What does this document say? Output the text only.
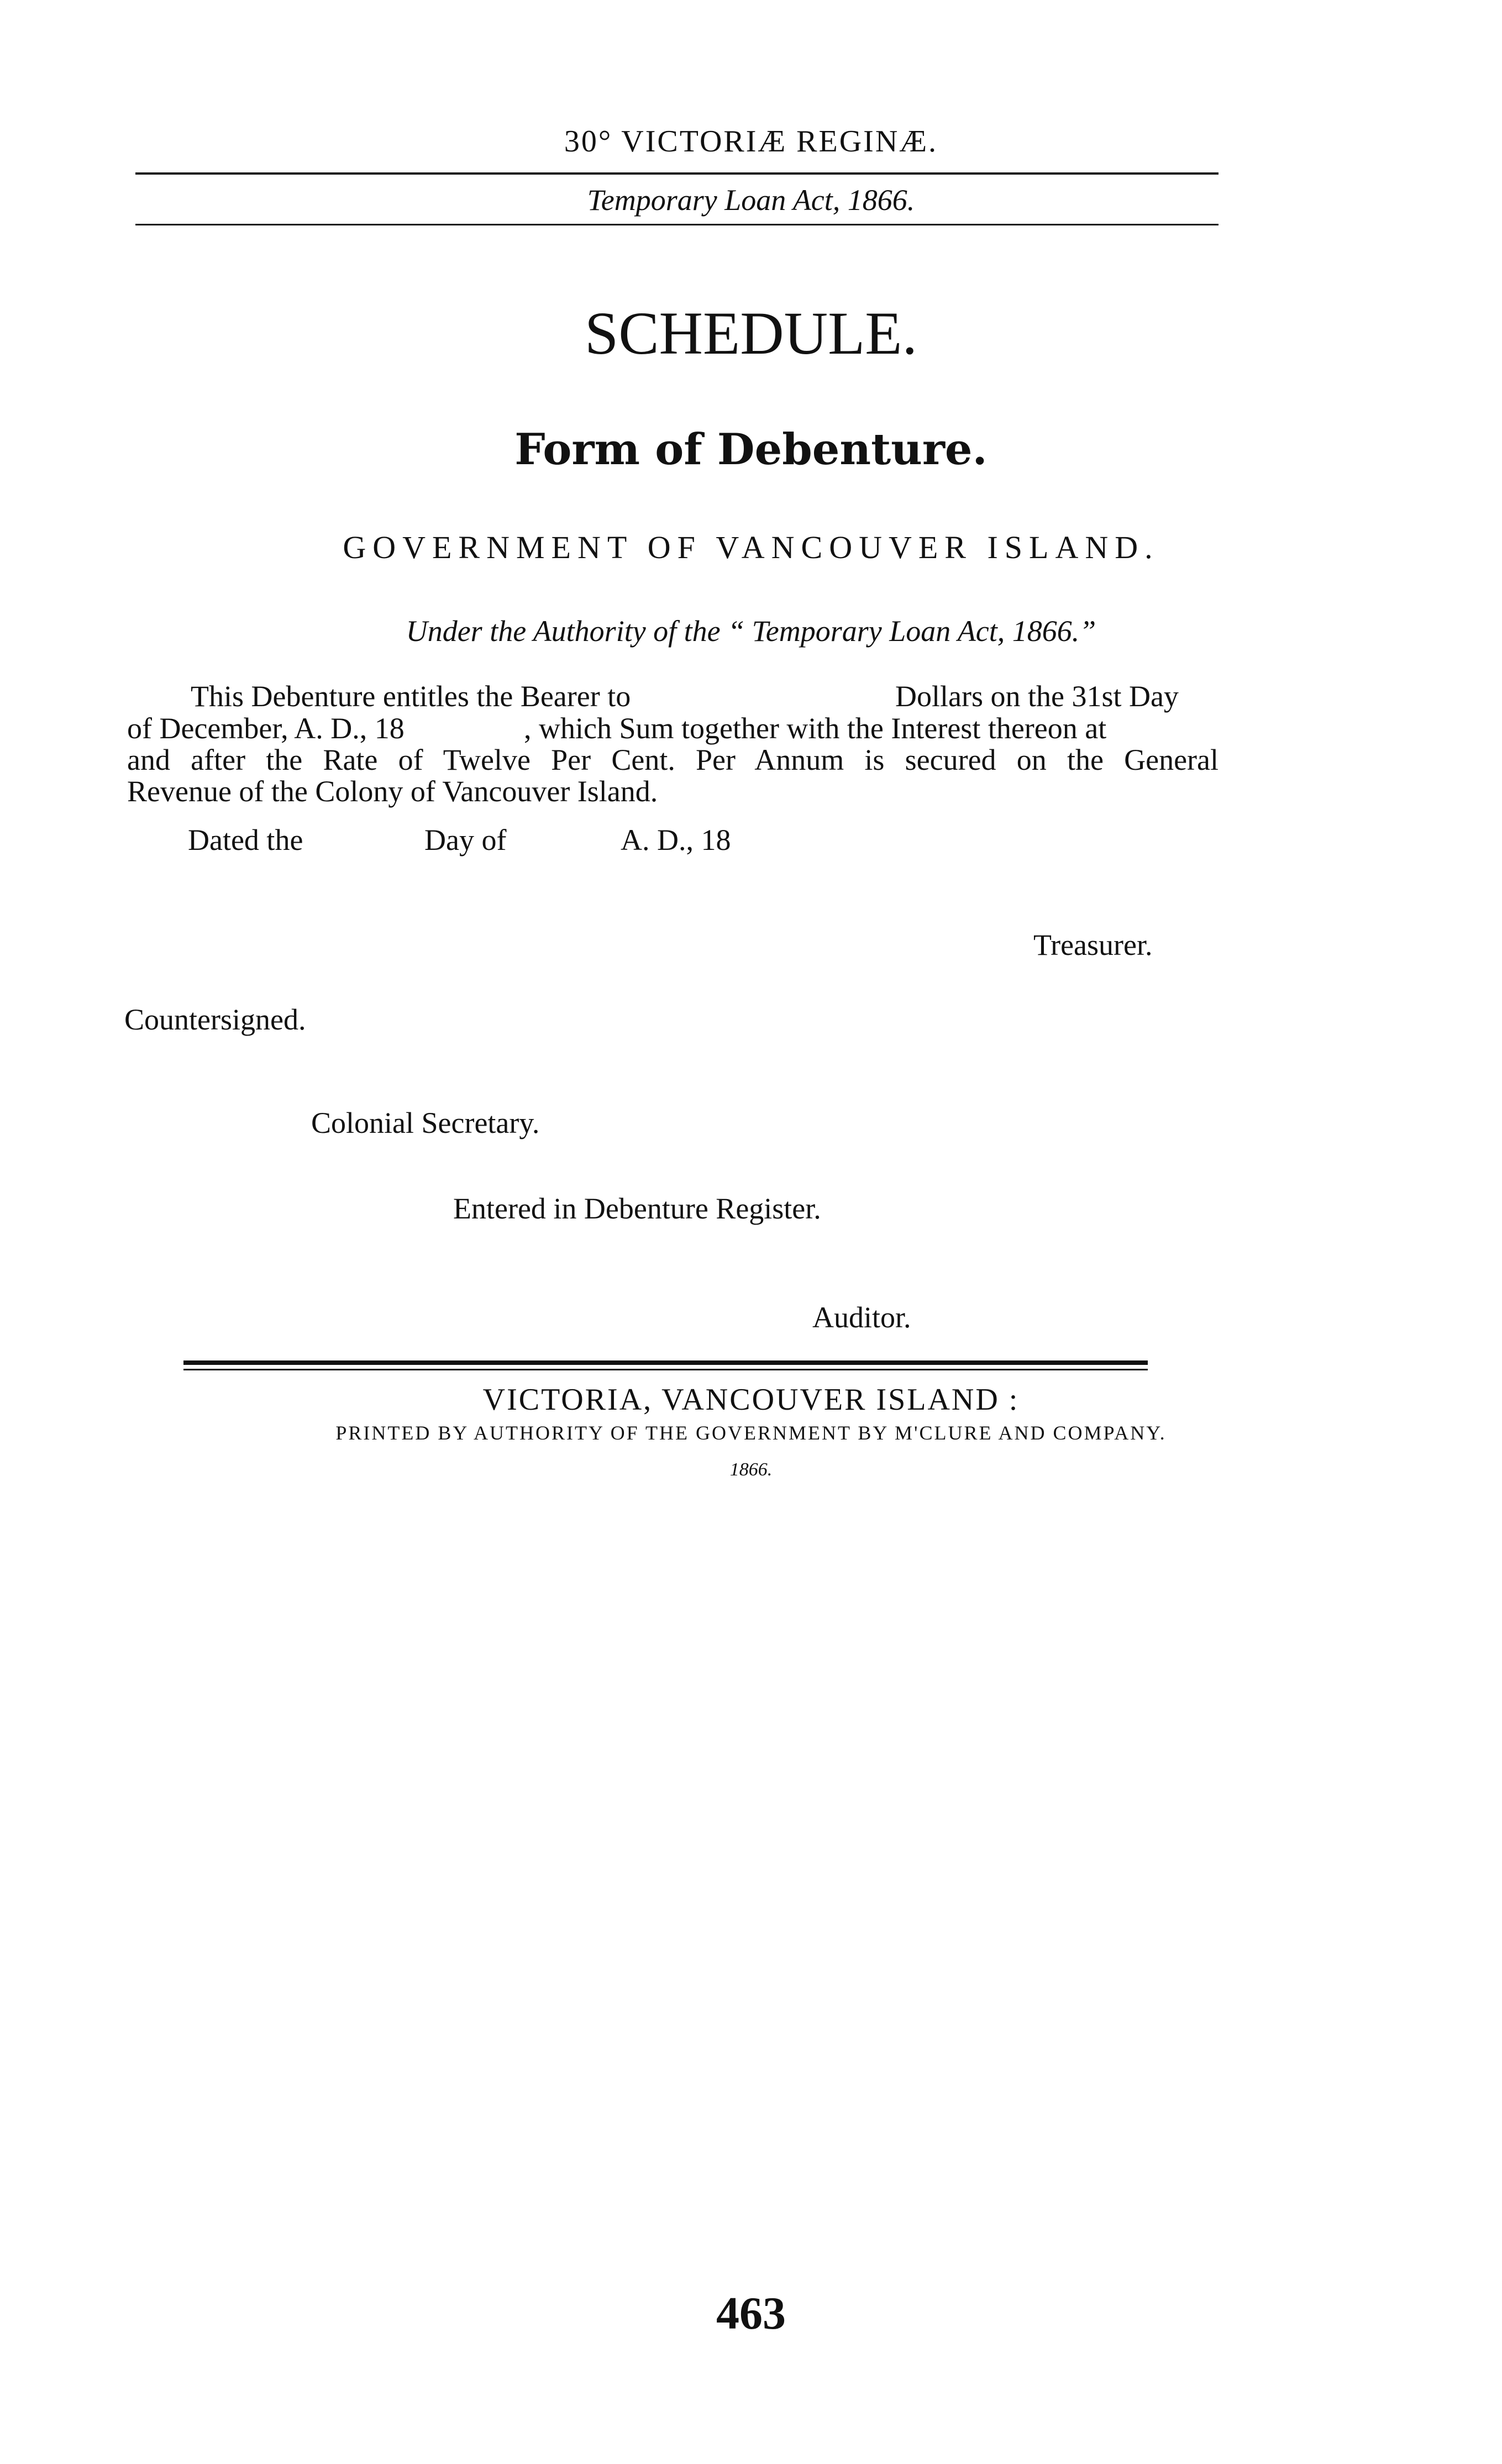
30° VICTORIÆ REGINÆ.
Temporary Loan Act, 1866.
SCHEDULE.
Form of Debenture.
GOVERNMENT OF VANCOUVER ISLAND.
Under the Authority of the “ Temporary Loan Act, 1866.”
This Debenture entitles the Bearer to	Dollars on the 31st Day
of December, A. D., 18	, which Sum together with the Interest thereon at
and after the Rate of Twelve Per Cent. Per Annum is secured on the General
Revenue of the Colony of Vancouver Island.
Dated the	Day of	A. D., 18
Treasurer.
Countersigned.
Colonial Secretary.
Entered in Debenture Register.
Auditor.
VICTORIA, VANCOUVER ISLAND :
PRINTED BY AUTHORITY OF THE GOVERNMENT BY M'CLURE AND COMPANY.
1866.
463
